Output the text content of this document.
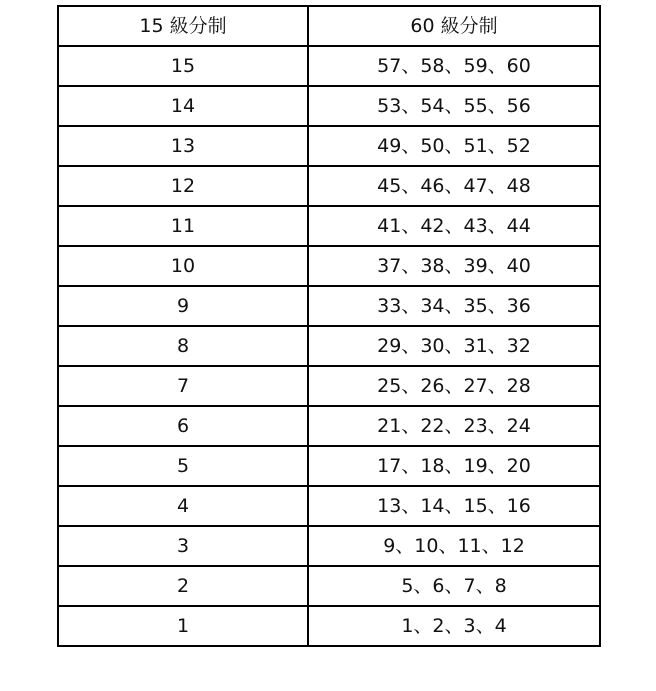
15 級分制	60 級分制
15	57、58、59、60
14	53、54、55、56
13	49、50、51、52
12	45、46、47、48
11	41、42、43、44
10	37、38、39、40
9	33、34、35、36
8	29、30、31、32
7	25、26、27、28
6	21、22、23、24
5	17、18、19、20
4	13、14、15、16
3	9、10、11、12
2	5、6、7、8
1	1、2、3、4
